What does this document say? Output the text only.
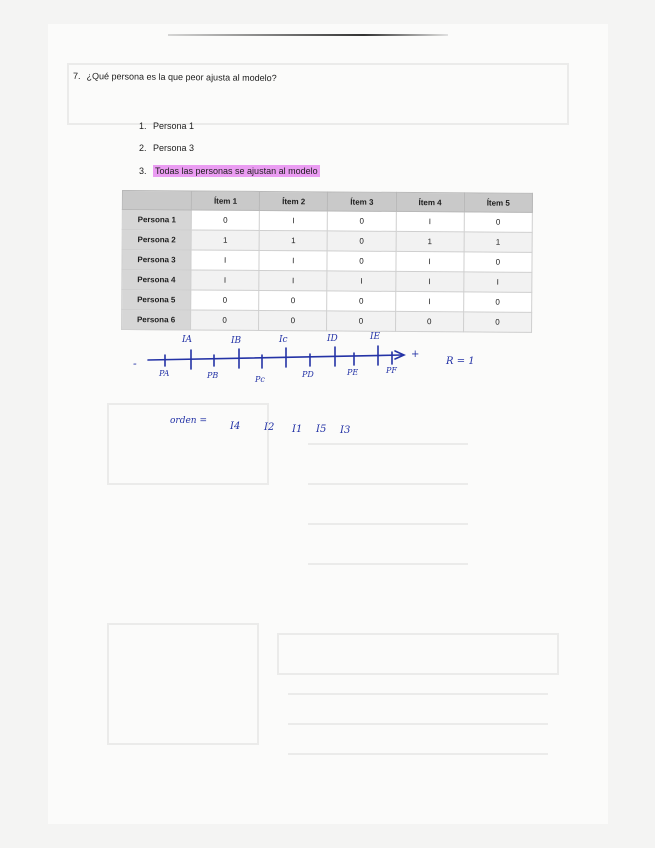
7. ¿Qué persona es la que peor ajusta al modelo?
1. Persona 1
2. Persona 3
3. Todas las personas se ajustan al modelo
	Ítem 1	Ítem 2	Ítem 3	Ítem 4	Ítem 5
Persona 1	0	I	0	I	0
Persona 2	1	1	0	1	1
Persona 3	I	I	0	I	0
Persona 4	I	I	I	I	I
Persona 5	0	0	0	I	0
Persona 6	0	0	0	0	0
-
+
IA	IB	Ic	ID	IE
PA	PB	Pc
PD	PE	PF
R = 1
orden = I4 I2 I1 I5 I3
